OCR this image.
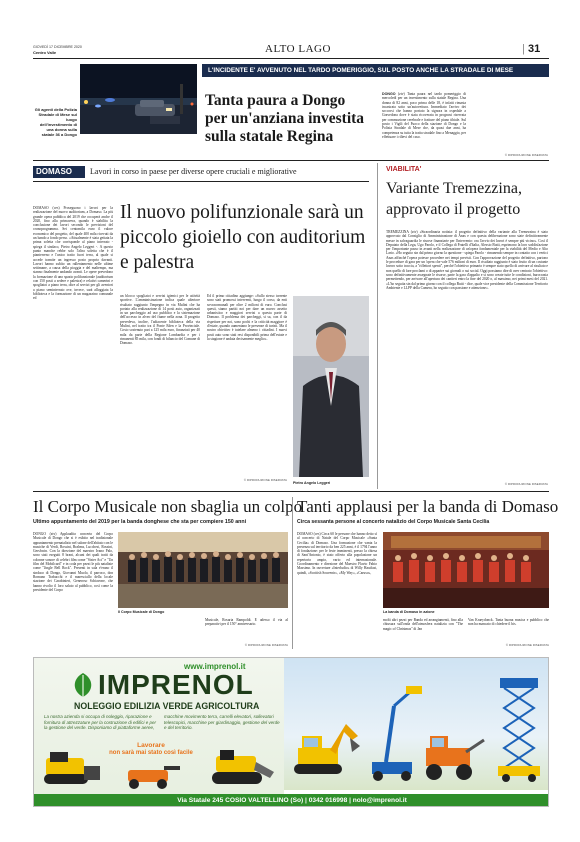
GIOVEDÌ 17 DICEMBRE 2020
Centro Valle	ALTO LAGO	| 31
L'INCIDENTE E' AVVENUTO NEL TARDO POMERIGGIO, SUL POSTO ANCHE LA STRADALE DI MESE
Gli agenti della Polizia Stradale di Mese sul luogo dell'investimento di una donna sulla statale 36 a Dongo
Tanta paura a Dongo per un'anziana investita sulla statale Regina
DONGO (ztv) Tanta paura nel tardo pomeriggio di mercoledì per un investimento sulla statale Regina. Una donna di 82 anni, poco prima delle 18, è infatti rimasta incastrata sotto un'autovettura. Immediato l'arrivo dei soccorsi che hanno portato la signora in ospedale a Gravedona dove è stata ricoverata in prognosi riservata per commozione cerebrale e fratture del piano tibiale. Sul posto i Vigili del Fuoco della stazione di Dongo e la Polizia Stradale di Mese che, da quasi due anni, ha competenza su tutta la tratta stradale fino a Menaggio, per effettuare i rilievi del caso.
© RIPRODUZIONE RISERVATA
DOMASO	Lavori in corso in paese per diverse opere cruciali e migliorative
Il nuovo polifunzionale sarà un piccolo gioiello con auditorium e palestra
DOMASO (ces) Proseguono i lavori per la realizzazione del nuovo auditorium, a Domaso. La più grande opera pubblica del 2019 che occuperà anche il 2020, fino alla primavera, quando è stabilita la conclusione dei lavori secondo le previsioni del cronoprogramma. Sei centomila euro il valore economico del progetto, del quale 400 mila ricevuti da un bando a fondo perso. «Attualmente è stata gettata la prima soletta che corrisponde al piano interrato - spiega il sindaco, Pietro Angelo Leggeri -. A questo punto manche rebbe solo l'altra soletta che è il pianterreno e l'unico tratto fuori terra, al quale si accede tramite un ingresso posto proprio davanti. Lavori hanno subìto un rallentamento nelle ultime settimane, a causa della pioggia e del maltempo, ma stanno finalmente andando avanti. Le opere prevedono la formazione di uno spazio polifunzionale (auditorium con 150 posti a sedere e palestra) e relativi camerini e spogliatoi a piano terra, oltre al servizi per gli aventori a piano seminterrato ove, invece, sarà alloggiata la biblioteca e la formazione di un magazzino comunale ed
un blocco spogliatoi e servizi igienici per le attività sportive. L'amministrazione indica quale ulteriore risultato raggiunto l'impegno in via Mulini che ha portato alla realizzazione di 14 posti auto, organizzati in un parcheggio ad uso pubblico e la sistemazione dell'accesso in alveo del fiume nella zona. Il progetto prevedeva, inoltre, l'adiacente biblioteca della via Mulini, nel tratto tra il Ponte Eden e la Provinciale. Costo sostenuto pari a 125 mila euro, finanziati per 40 mila da parte della Regione Lombardia e per i rimanenti 85 mila, con fondi di bilancio del Comune di Domaso.
Ed il primo cittadino aggiunge: «Sullo stesso torrente sono stati promossi interventi, lungo il corso, da enti sovracomunali per oltre 2 milioni di euro. Conclusi questi, siamo partiti noi per dare un nuovo assetto urbanistico e maggiori servizi a questa parte di Domaso. Il problema dei parcheggi, si sa, con il da rispettare per noi, sono pochi e la criticità maggiore è d'estate, quando aumentano le presenze di turisti. Ma il nostro obiettivo è tutelare almeno i cittadini. I nuovi posti auto sono stati resi disponibili prima dell'estate e la stagione è andata decisamente meglio».
© RIPRODUZIONE RISERVATA
Pietro Angelo Leggeri
VIABILITA'
Variante Tremezzina, approvato il progetto
TREMEZZINA (ztv) «Straordinaria notizia: il progetto definitivo della variante alla Tremezzina è stato approvato dal Consiglio di Amministrazione di Anas e con questa deliberazione sono state definitivamente messe in salvaguardia le risorse finanziarie per l'intervento: ora l'avvio dei lavori è sempre più vicino». Così il Deputato della Lega, Ugo Parolo, e il Collega di Fratelli d'Italia, Alessio Butti, esprimono la loro soddisfazione per l'importante passo in avanti nella realizzazione di un'opera fondamentale per la viabilità del Medio e Alto Lario. «Ho seguito sin dal primo giorno la questione - spiega Parolo - rimanendo sempre in contatto con i vertici Anas affinché l'opera potesse procedere nei tempi previsti. Con l'approvazione del progetto definitivo, partono le procedure di gara per un 'opera che vale 576 milioni di euro. Il risultato raggiunto è stato frutto di un costante lavoro sotto traccia, a "riflettori spenti", perché l'obiettivo primario è sempre stato quello di arrivare al risultato e non quello di fare proclami o di apparire sui giornali o sui social. Oggi possiamo dire di aver centrato l'obiettivo: sono definitivamente assegnate le risorse, parte la gara d'appalto e si sono create tutte le condizioni, burocrazia permettendo, per arrivare all'apertura dei cantieri entro la fine del 2020 o, al massimo, nei primi mesi del 2021. «L'ho seguita sin dal primo giorno con il collega Butti - dice, quale vice presidente della Commissione Territorio Ambiente e LLPP della Camera, ho seguito con passione e attenzione».
© RIPRODUZIONE RISERVATA
Il Corpo Musicale non sbaglia un colpo
Ultimo appuntamento del 2019 per la banda donghese che sta per compiere 150 anni
DONGO (ztv) Applaudito concerto del Corpo Musicale di Dongo che si è esibito nel tradizionale appuntamento prenatalizio nel salone dell'abitato con le musiche di Verdi, Rossini, Brahms, Lucchesi, Rossini, Gershwin. Con la direzione del maestro Ivano Palo, sono stati eseguiti 8 brani, alcuni dei quali tratti da colonne sonore di celebri film come "Sister Act" e "Un film del Mobilcard" e in coda per pezzi le più natalizie come "Jingle Bell Rock". Presenti in sala e'erano il sindaco di Dongo, Giovanni Muolo, il parroco, don Romano Trabucchi e il maresciallo della locale stazione dei Carabinieri, Generoso Schiavone, che hanno rivolto il loro saluto al pubblico, così come la presidente del Corpo
Il Corpo Musicale di Dongo
Musicale, Rosaria Rampoldi. E adesso il via al preparativi per il 150° anniversario.
© RIPRODUZIONE RISERVATA
Tanti applausi per la banda di Domaso
Circa sessanta persone al concerto natalizio del Corpo Musicale Santa Cecilia
DOMASO (ces) Circa 60 le persone che hanno detto sì al concerto di Natale del Corpo Musicale «Santa Cecilia» di Domaso. Una formazione che vanta la presenza sul territorio da ben 225 anni, è il 1794 l'anno di fondazione: per le feste imminenti, presso la chiesa di Sant'Antonio, è stato offerto alla popolazione un repertorio ampio, vario ed internazionale. Coordinamento e direzione del Maestro Flavio Fabio Massimo. In ouverture «Interludio» di Willy Hautfast, quindi, «Scottish Souvenir», «My Way», «Caruso»,
La banda di Domaso in azione
molti altri pezzi per Banda ed arrangiamenti, fino alla chiusura sull'onda dell'atmosfera natalizia con "The magic of Christmas" di Jan
Van Kraeydonck. Tanta buona musica e pubblico che non ha mancato di chiedere il bis.
© RIPRODUZIONE RISERVATA
www.imprenol.it
IMPRENOL
NOLEGGIO EDILIZIA VERDE AGRICOLTURA
La nostra azienda si occupa di noleggio, riparazione e fornitura di attrezzature per la costruzione di edifici e per la gestione del verde. Disponiamo di piattaforme aeree,
macchine movimento terra, carrelli elevatori, sollevatori telescopici, macchine per giardinaggio, gestione del verde e del territorio.
Lavorare
non sarà mai stato così facile
Via Statale 245 COSIO VALTELLINO (So) | 0342 016998 | nolo@imprenol.it
